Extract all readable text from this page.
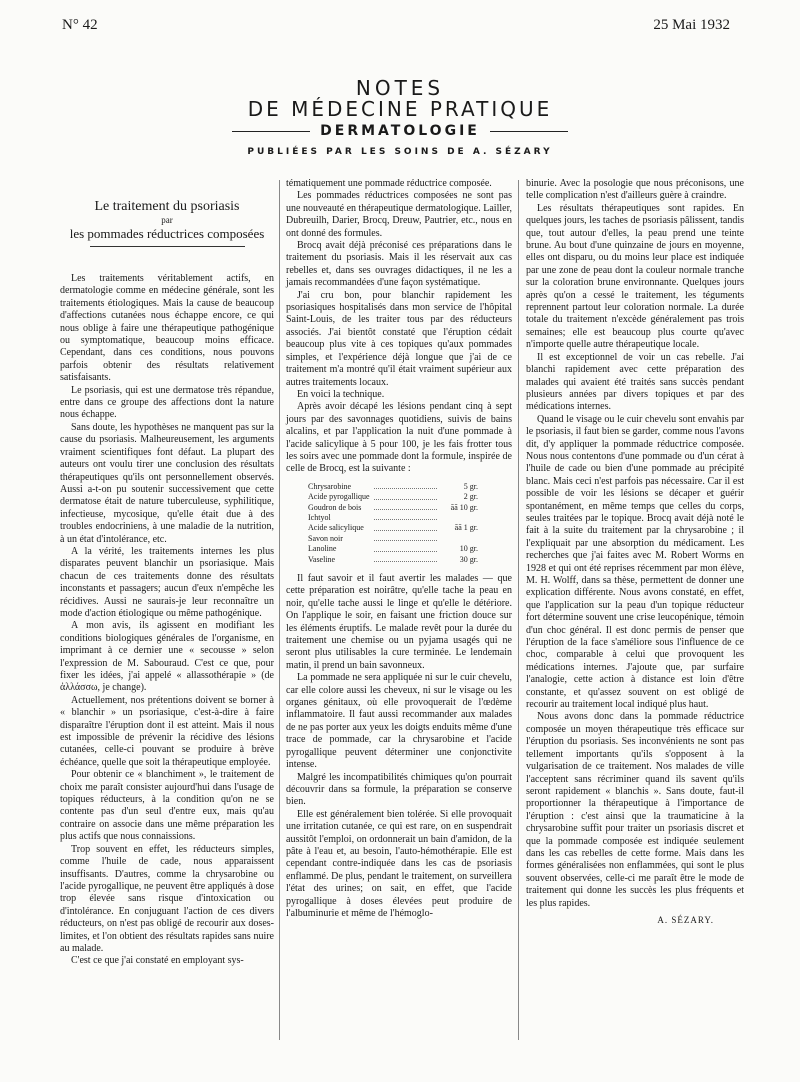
N° 42	25 Mai 1932
NOTES
DE MÉDECINE PRATIQUE
DERMATOLOGIE
PUBLIÉES PAR LES SOINS DE A. SÉZARY
Le traitement du psoriasis
par
les pommades réductrices composées

Les traitements véritablement actifs, en dermatologie comme en médecine générale, sont les traitements étiologiques. Mais la cause de beaucoup d'affections cutanées nous échappe encore, ce qui nous oblige à faire une thérapeutique pathogénique ou symptomatique, beaucoup moins efficace. Cependant, dans ces conditions, nous pouvons parfois obtenir des résultats relativement satisfaisants.

Le psoriasis, qui est une dermatose très répandue, entre dans ce groupe des affections dont la nature nous échappe.

Sans doute, les hypothèses ne manquent pas sur la cause du psoriasis. Malheureusement, les arguments vraiment scientifiques font défaut. La plupart des auteurs ont voulu tirer une conclusion des résultats thérapeutiques qu'ils ont personnellement observés. Aussi a-t-on pu soutenir successivement que cette dermatose était de nature tuberculeuse, syphilitique, infectieuse, mycosique, qu'elle était due à des troubles endocriniens, à une maladie de la nutrition, à un état d'intolérance, etc.

A la vérité, les traitements internes les plus disparates peuvent blanchir un psoriasique. Mais chacun de ces traitements donne des résultats inconstants et passagers; aucun d'eux n'empêche les récidives. Aussi ne saurais-je leur reconnaître un mode d'action étiologique ou même pathogénique.

A mon avis, ils agissent en modifiant les conditions biologiques générales de l'organisme, en imprimant à ce dernier une « secousse » selon l'expression de M. Sabouraud. C'est ce que, pour fixer les idées, j'ai appelé « allassothérapie » (de ἀλλάσσω, je change).

Actuellement, nos prétentions doivent se borner à « blanchir » un psoriasique, c'est-à-dire à faire disparaître l'éruption dont il est atteint. Mais il nous est impossible de prévenir la récidive des lésions cutanées, celle-ci pouvant se produire à brève échéance, quelle que soit la thérapeutique employée.

Pour obtenir ce « blanchiment », le traitement de choix me paraît consister aujourd'hui dans l'usage de topiques réducteurs, à la condition qu'on ne se contente pas d'un seul d'entre eux, mais qu'au contraire on associe dans une même préparation les plus actifs que nous connaissions.

Trop souvent en effet, les réducteurs simples, comme l'huile de cade, nous apparaissent insuffisants. D'autres, comme la chrysarobine ou l'acide pyrogallique, ne peuvent être appliqués à dose trop élevée sans risque d'intoxication ou d'intolérance. En conjuguant l'action de ces divers réducteurs, on n'est pas obligé de recourir aux doses-limites, et l'on obtient des résultats rapides sans nuire au malade.

C'est ce que j'ai constaté en employant sys-

tématiquement une pommade réductrice composée.

Les pommades réductrices composées ne sont pas une nouveauté en thérapeutique dermatologique. Lailler, Dubreuilh, Darier, Brocq, Dreuw, Pautrier, etc., nous en ont donné des formules.

Brocq avait déjà préconisé ces préparations dans le traitement du psoriasis. Mais il les réservait aux cas rebelles et, dans ses ouvrages didactiques, il ne les a jamais recommandées d'une façon systématique.

J'ai cru bon, pour blanchir rapidement les psoriasiques hospitalisés dans mon service de l'hôpital Saint-Louis, de les traiter tous par des réducteurs associés. J'ai bientôt constaté que l'éruption cédait beaucoup plus vite à ces topiques qu'aux pommades simples, et l'expérience déjà longue que j'ai de ce traitement m'a montré qu'il était vraiment supérieur aux autres traitements locaux.

En voici la technique.

Après avoir décapé les lésions pendant cinq à sept jours par des savonnages quotidiens, suivis de bains alcalins, et par l'application la nuit d'une pommade à l'acide salicylique à 5 pour 100, je les fais frotter tous les soirs avec une pommade dont la formule, inspirée de celle de Brocq, est la suivante :

Chrysarobine	5 gr.
Acide pyrogallique	2 gr.
Goudron de bois	āā 10 gr.
Ichtyol
Acide salicylique	āā 1 gr.
Savon noir
Lanoline	10 gr.
Vaseline	30 gr.

Il faut savoir et il faut avertir les malades — que cette préparation est noirâtre, qu'elle tache la peau en noir, qu'elle tache aussi le linge et qu'elle le détériore. On l'applique le soir, en faisant une friction douce sur les éléments éruptifs. Le malade revêt pour la durée du traitement une chemise ou un pyjama usagés qui ne seront plus utilisables la cure terminée. Le lendemain matin, il prend un bain savonneux.

La pommade ne sera appliquée ni sur le cuir chevelu, car elle colore aussi les cheveux, ni sur le visage ou les organes génitaux, où elle provoquerait de l'œdème inflammatoire. Il faut aussi recommander aux malades de ne pas porter aux yeux les doigts enduits même d'une trace de pommade, car la chrysarobine et l'acide pyrogallique peuvent déterminer une conjonctivite intense.

Malgré les incompatibilités chimiques qu'on pourrait découvrir dans sa formule, la préparation se conserve bien.

Elle est généralement bien tolérée. Si elle provoquait une irritation cutanée, ce qui est rare, on en suspendrait aussitôt l'emploi, on ordonnerait un bain d'amidon, de la pâte à l'eau et, au besoin, l'auto-hémothérapie. Elle est cependant contre-indiquée dans les cas de psoriasis enflammé. De plus, pendant le traitement, on surveillera l'état des urines; on sait, en effet, que l'acide pyrogallique à doses élevées peut produire de l'albuminurie et même de l'hémoglo-

binurie. Avec la posologie que nous préconisons, une telle complication n'est d'ailleurs guère à craindre.

Les résultats thérapeutiques sont rapides. En quelques jours, les taches de psoriasis pâlissent, tandis que, tout autour d'elles, la peau prend une teinte brune. Au bout d'une quinzaine de jours en moyenne, elles ont disparu, ou du moins leur place est indiquée par une zone de peau dont la couleur normale tranche sur la coloration brune environnante. Quelques jours après qu'on a cessé le traitement, les téguments reprennent partout leur coloration normale. La durée totale du traitement n'excède généralement pas trois semaines; elle est beaucoup plus courte qu'avec n'importe quelle autre thérapeutique locale.

Il est exceptionnel de voir un cas rebelle. J'ai blanchi rapidement avec cette préparation des malades qui avaient été traités sans succès pendant plusieurs années par divers topiques et par des médications internes.

Quand le visage ou le cuir chevelu sont envahis par le psoriasis, il faut bien se garder, comme nous l'avons dit, d'y appliquer la pommade réductrice composée. Nous nous contentons d'une pommade ou d'un cérat à l'huile de cade ou bien d'une pommade au précipité blanc. Mais ceci n'est parfois pas nécessaire. Car il est possible de voir les lésions se décaper et guérir spontanément, en même temps que celles du corps, seules traitées par le topique. Brocq avait déjà noté le fait à la suite du traitement par la chrysarobine ; il l'expliquait par une absorption du médicament. Les recherches que j'ai faites avec M. Robert Worms en 1928 et qui ont été reprises récemment par mon élève, M. H. Wolff, dans sa thèse, permettent de donner une explication différente. Nous avons constaté, en effet, que l'application sur la peau d'un topique réducteur fort détermine souvent une crise leucopénique, témoin d'un choc général. Il est donc permis de penser que l'éruption de la face s'améliore sous l'influence de ce choc, comparable à celui que provoquent les médications internes. J'ajoute que, par surfaire l'analogie, cette action à distance est loin d'être constante, et qu'assez souvent on est obligé de recourir au traitement local indiqué plus haut.

Nous avons donc dans la pommade réductrice composée un moyen thérapeutique très efficace sur l'éruption du psoriasis. Ses inconvénients ne sont pas tellement importants qu'ils s'opposent à la vulgarisation de ce traitement. Nos malades de ville l'acceptent sans récriminer quand ils savent qu'ils seront rapidement « blanchis ». Sans doute, faut-il proportionner la thérapeutique à l'importance de l'éruption : c'est ainsi que la traumaticine à la chrysarobine suffit pour traiter un psoriasis discret et que la pommade composée est indiquée seulement dans les cas rebelles de cette forme. Mais dans les formes généralisées non enflammées, qui sont le plus souvent observées, celle-ci me paraît être le mode de traitement qui donne les succès les plus fréquents et les plus rapides.

A. SÉZARY.
